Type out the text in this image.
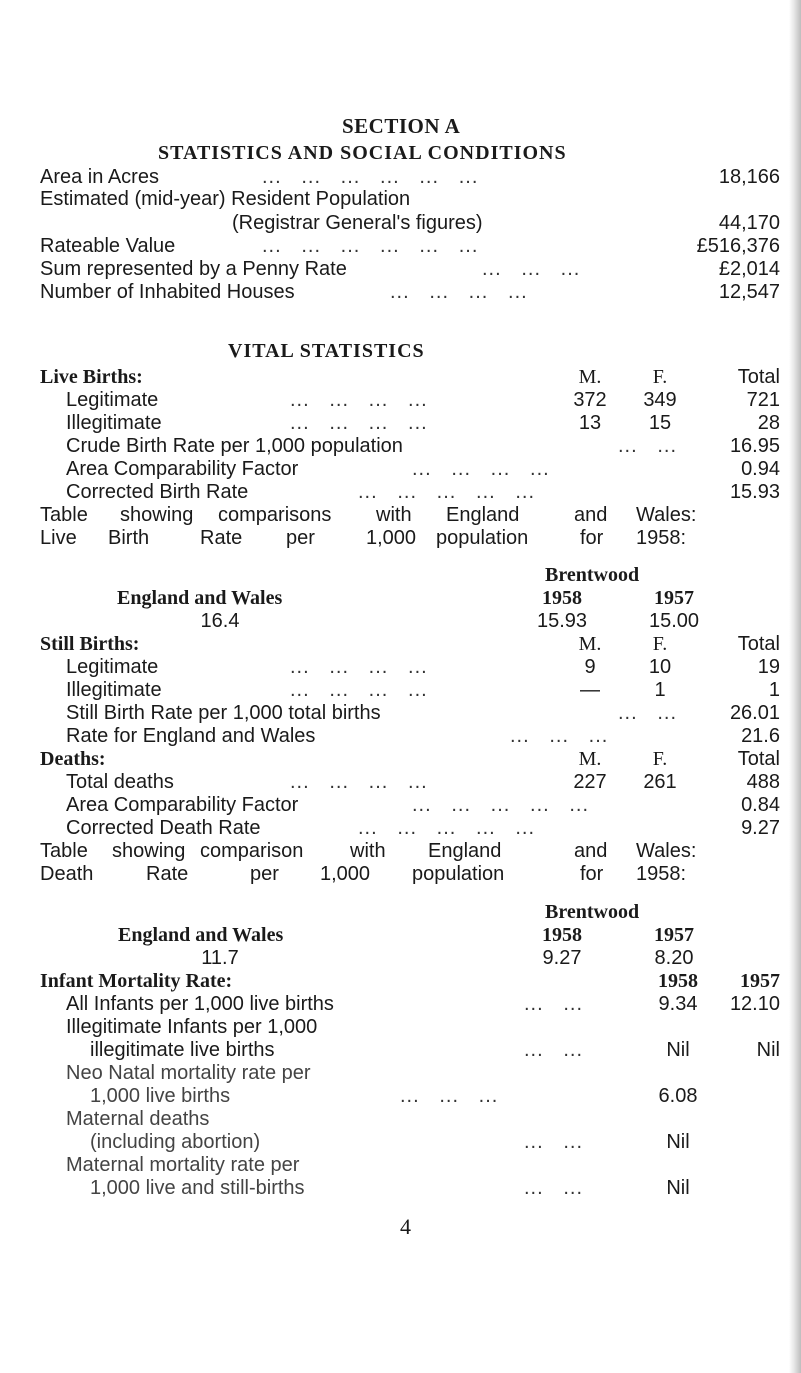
SECTION A
STATISTICS AND SOCIAL CONDITIONS
Area in Acres	...   ...   ...   ...   ...   ...	18,166
Estimated (mid-year) Resident Population
(Registrar General's figures)	44,170
Rateable Value	...   ...   ...   ...   ...   ...	£516,376
Sum represented by a Penny Rate	...   ...   ...	£2,014
Number of Inhabited Houses	...   ...   ...   ...	12,547
VITAL STATISTICS
Live Births:	M.	F.	Total
Legitimate	...   ...   ...   ...	372	349	721
Illegitimate	...   ...   ...   ...	13	15	28
Crude Birth Rate per 1,000 population	...   ...	16.95
Area Comparability Factor	...   ...   ...   ...	0.94
Corrected Birth Rate	...   ...   ...   ...   ...	15.93
Table showing comparisons with England	and Wales:
Live Birth	Rate per	1,000 population	for 1958:
Brentwood
England and Wales	1958	1957
16.4	15.93	15.00
Still Births:	M.	F.	Total
Legitimate	...   ...   ...   ...	9	10	19
Illegitimate	...   ...   ...   ...	—	1	1
Still Birth Rate per 1,000 total births	...   ...	26.01
Rate for England and Wales	...   ...   ...	21.6
Deaths:	M.	F.	Total
Total deaths	...   ...   ...   ...	227	261	488
Area Comparability Factor	...   ...   ...   ...   ...	0.84
Corrected Death Rate	...   ...   ...   ...   ...	9.27
Table showing comparison with England	and Wales:
Death	Rate	per 1,000 population	for 1958:
Brentwood
England and Wales	1958	1957
11.7	9.27	8.20
Infant Mortality Rate:	1958	1957
All Infants per 1,000 live births	...   ...	9.34	12.10
Illegitimate Infants per 1,000
illegitimate live births	...   ...	Nil	Nil
Neo Natal mortality rate per
1,000 live births	...   ...   ...	6.08
Maternal deaths
(including abortion)	...   ...	Nil
Maternal mortality rate per
1,000 live and still-births	...   ...	Nil
4
